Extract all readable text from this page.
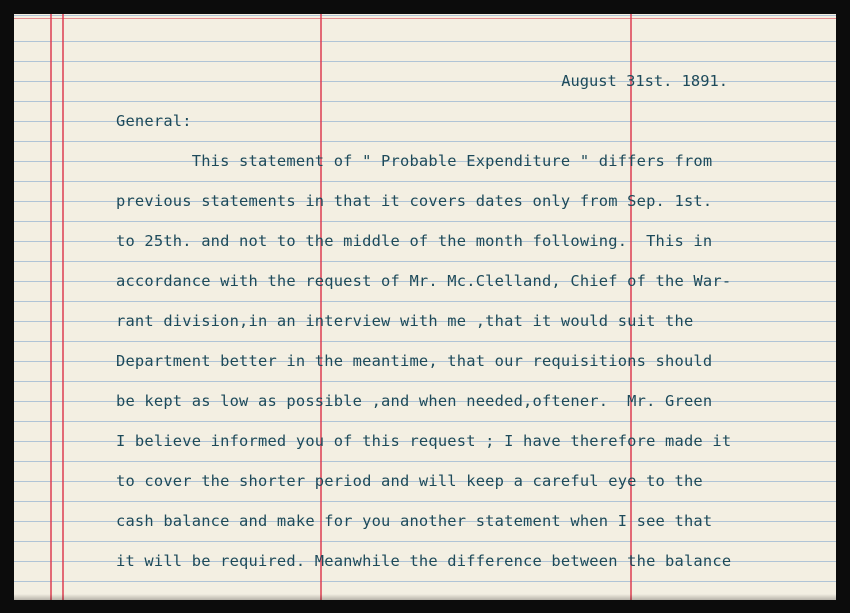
August 31st. 1891.
General:
This statement of " Probable Expenditure " differs from
previous statements in that it covers dates only from Sep. 1st.
to 25th. and not to the middle of the month following.  This in
accordance with the request of Mr. Mc.Clelland, Chief of the War-
rant division,in an interview with me ,that it would suit the
Department better in the meantime, that our requisitions should
be kept as low as possible ,and when needed,oftener.  Mr. Green
I believe informed you of this request ; I have therefore made it
to cover the shorter period and will keep a careful eye to the
cash balance and make for you another statement when I see that
it will be required. Meanwhile the difference between the balance
